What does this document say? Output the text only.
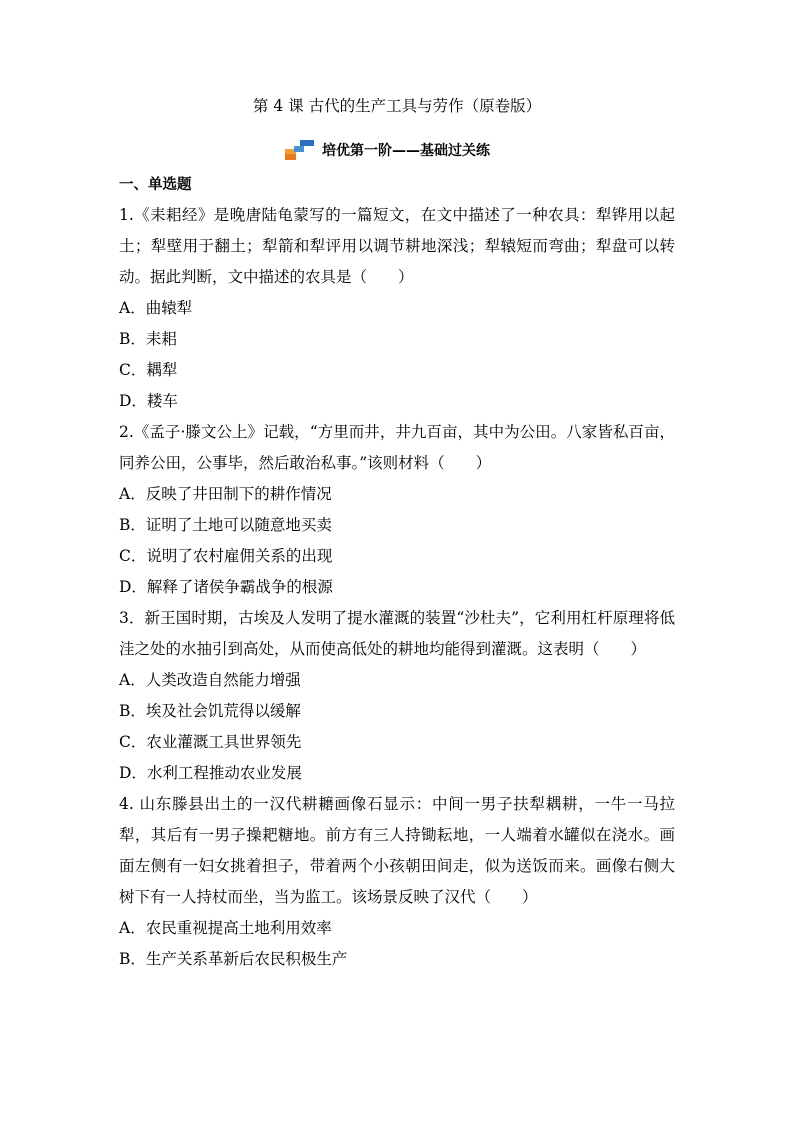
第 4 课 古代的生产工具与劳作（原卷版）
培优第一阶——基础过关练
一、单选题

1.《耒耜经》是晚唐陆龟蒙写的一篇短文，在文中描述了一种农具：犁铧用以起土；犁壁用于翻土；犁箭和犁评用以调节耕地深浅；犁辕短而弯曲；犁盘可以转动。据此判断，文中描述的农具是（　　）

A．曲辕犁

B．耒耜

C．耦犁

D．耧车

2.《孟子·滕文公上》记载，“方里而井，井九百亩，其中为公田。八家皆私百亩，同养公田，公事毕，然后敢治私事。”该则材料（　　）

A．反映了井田制下的耕作情况

B．证明了土地可以随意地买卖

C．说明了农村雇佣关系的出现

D．解释了诸侯争霸战争的根源

3．新王国时期，古埃及人发明了提水灌溉的装置“沙杜夫”，它利用杠杆原理将低洼之处的水抽引到高处，从而使高低处的耕地均能得到灌溉。这表明（　　）

A．人类改造自然能力增强

B．埃及社会饥荒得以缓解

C．农业灌溉工具世界领先

D．水利工程推动农业发展

4. 山东滕县出土的一汉代耕耱画像石显示：中间一男子扶犁耦耕，一牛一马拉犁，其后有一男子操耙糖地。前方有三人持锄耘地，一人端着水罐似在浇水。画面左侧有一妇女挑着担子，带着两个小孩朝田间走，似为送饭而来。画像右侧大树下有一人持杖而坐，当为监工。该场景反映了汉代（　　）

A．农民重视提高土地利用效率

B．生产关系革新后农民积极生产
